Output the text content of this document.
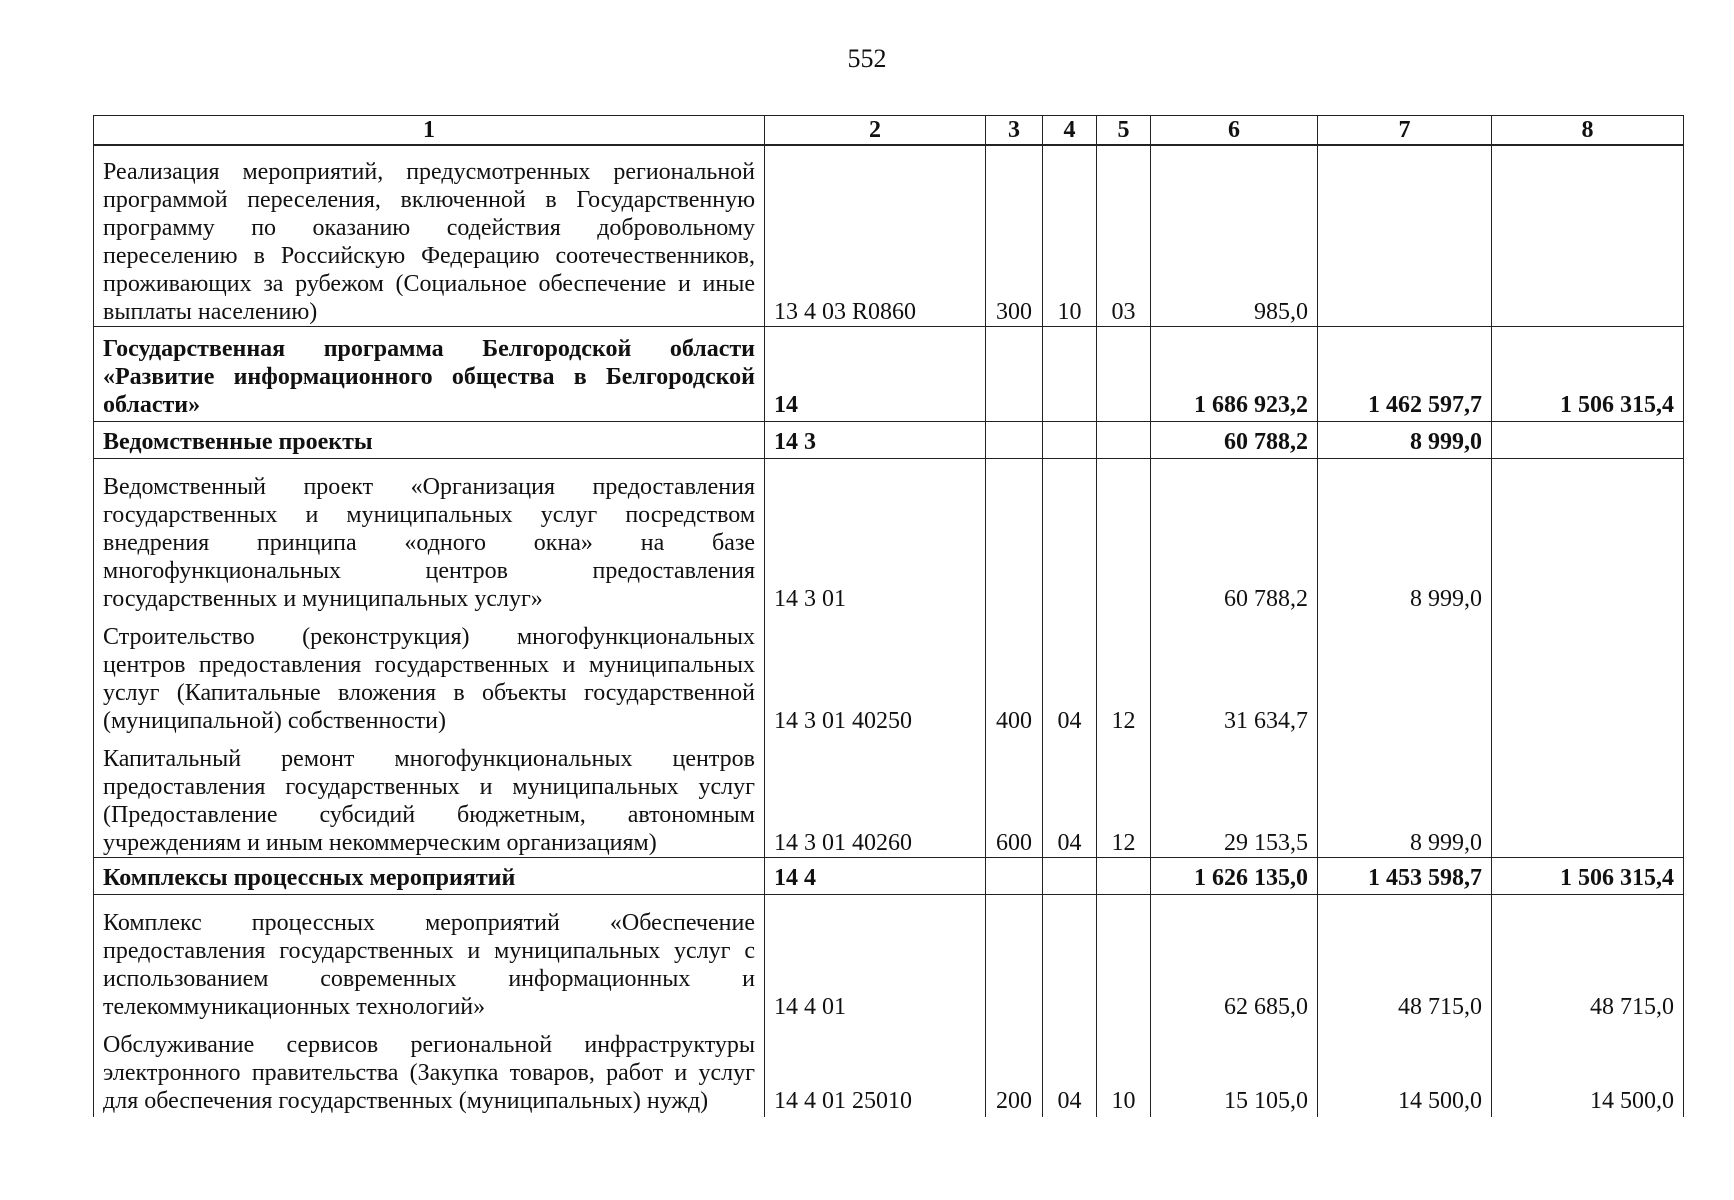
552
1	2	3	4	5	6	7	8
Реализация мероприятий, предусмотренных региональной программой переселения, включенной в Государственную программу по оказанию содействия добровольному переселению в Российскую Федерацию соотечественников, проживающих за рубежом (Социальное обеспечение и иные выплаты населению)	13 4 03 R0860	300	10	03	985,0		
Государственная программа Белгородской области «Развитие информационного общества в Белгородской области»	14				1 686 923,2	1 462 597,7	1 506 315,4
Ведомственные проекты	14 3				60 788,2	8 999,0	
Ведомственный проект «Организация предоставления государственных и муниципальных услуг посредством внедрения принципа «одного окна» на базе многофункциональных центров предоставления государственных и муниципальных услуг»	14 3 01				60 788,2	8 999,0	
Строительство (реконструкция) многофункциональных центров предоставления государственных и муниципальных услуг (Капитальные вложения в объекты государственной (муниципальной) собственности)	14 3 01 40250	400	04	12	31 634,7		
Капитальный ремонт многофункциональных центров предоставления государственных и муниципальных услуг (Предоставление субсидий бюджетным, автономным учреждениям и иным некоммерческим организациям)	14 3 01 40260	600	04	12	29 153,5	8 999,0	
Комплексы процессных мероприятий	14 4				1 626 135,0	1 453 598,7	1 506 315,4
Комплекс процессных мероприятий «Обеспечение предоставления государственных и муниципальных услуг с использованием современных информационных и телекоммуникационных технологий»	14 4 01				62 685,0	48 715,0	48 715,0
Обслуживание сервисов региональной инфраструктуры электронного правительства (Закупка товаров, работ и услуг для обеспечения государственных (муниципальных) нужд)	14 4 01 25010	200	04	10	15 105,0	14 500,0	14 500,0
